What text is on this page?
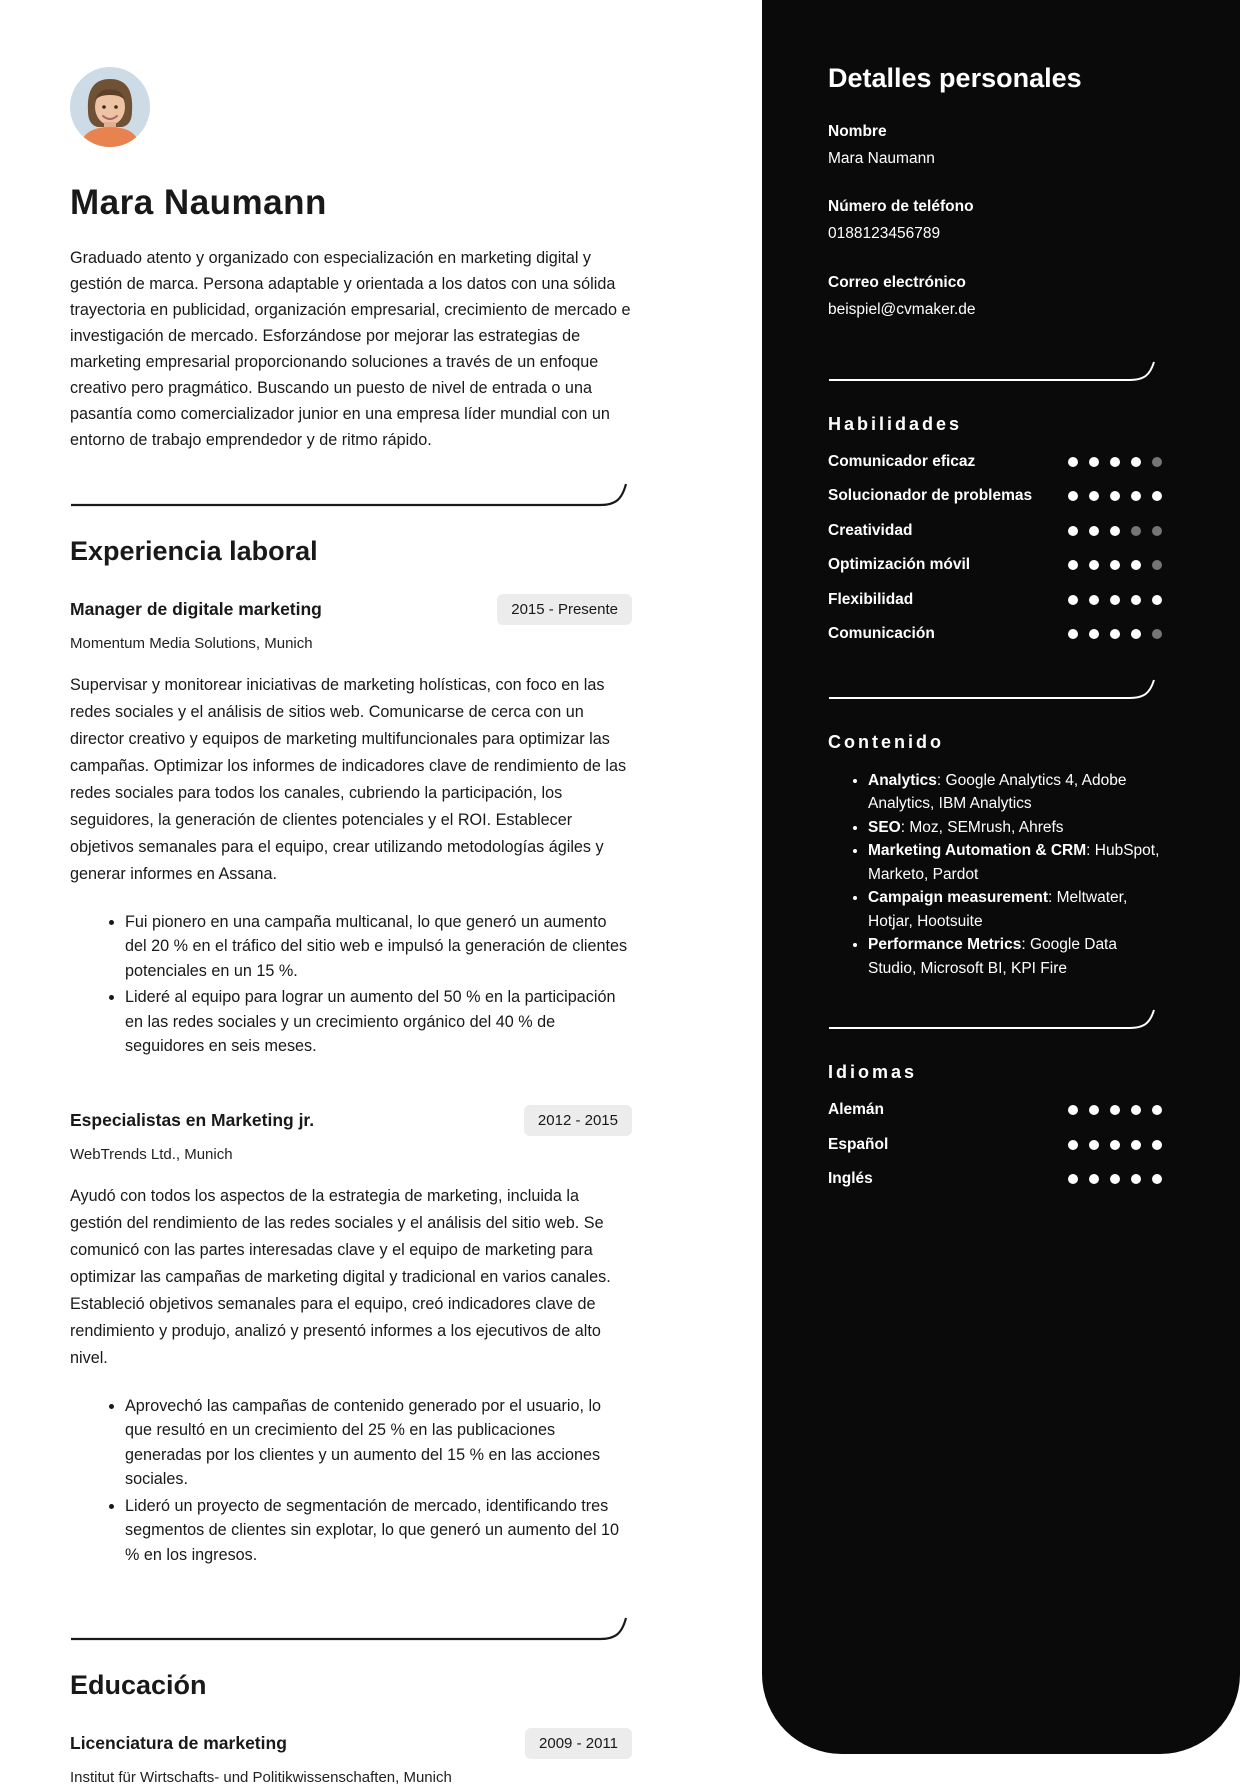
Mara Naumann

Graduado atento y organizado con especialización en marketing digital y gestión de marca. Persona adaptable y orientada a los datos con una sólida trayectoria en publicidad, organización empresarial, crecimiento de mercado e investigación de mercado. Esforzándose por mejorar las estrategias de marketing empresarial proporcionando soluciones a través de un enfoque creativo pero pragmático. Buscando un puesto de nivel de entrada o una pasantía como comercializador junior en una empresa líder mundial con un entorno de trabajo emprendedor y de ritmo rápido.

Experiencia laboral
Manager de digitale marketing	2015 - Presente
Momentum Media Solutions, Munich

Supervisar y monitorear iniciativas de marketing holísticas, con foco en las redes sociales y el análisis de sitios web. Comunicarse de cerca con un director creativo y equipos de marketing multifuncionales para optimizar las campañas. Optimizar los informes de indicadores clave de rendimiento de las redes sociales para todos los canales, cubriendo la participación, los seguidores, la generación de clientes potenciales y el ROI. Establecer objetivos semanales para el equipo, crear utilizando metodologías ágiles y generar informes en Assana.

• Fui pionero en una campaña multicanal, lo que generó un aumento del 20 % en el tráfico del sitio web e impulsó la generación de clientes potenciales en un 15 %.
• Lideré al equipo para lograr un aumento del 50 % en la participación en las redes sociales y un crecimiento orgánico del 40 % de seguidores en seis meses.
Especialistas en Marketing jr.	2012 - 2015
WebTrends Ltd., Munich

Ayudó con todos los aspectos de la estrategia de marketing, incluida la gestión del rendimiento de las redes sociales y el análisis del sitio web. Se comunicó con las partes interesadas clave y el equipo de marketing para optimizar las campañas de marketing digital y tradicional en varios canales. Estableció objetivos semanales para el equipo, creó indicadores clave de rendimiento y produjo, analizó y presentó informes a los ejecutivos de alto nivel.

• Aprovechó las campañas de contenido generado por el usuario, lo que resultó en un crecimiento del 25 % en las publicaciones generadas por los clientes y un aumento del 15 % en las acciones sociales.
• Lideró un proyecto de segmentación de mercado, identificando tres segmentos de clientes sin explotar, lo que generó un aumento del 10 % en los ingresos.
Educación
Licenciatura de marketing	2009 - 2011
Institut für Wirtschafts- und Politikwissenschaften, Munich
Detalles personales
Nombre
Mara Naumann
Número de teléfono
0188123456789
Correo electrónico
beispiel@cvmaker.de
Habilidades
Comunicador eficaz
Solucionador de problemas
Creatividad
Optimización móvil
Flexibilidad
Comunicación
Contenido
• Analytics: Google Analytics 4, Adobe Analytics, IBM Analytics
• SEO: Moz, SEMrush, Ahrefs
• Marketing Automation & CRM: HubSpot, Marketo, Pardot
• Campaign measurement: Meltwater, Hotjar, Hootsuite
• Performance Metrics: Google Data Studio, Microsoft BI, KPI Fire
Idiomas
Alemán
Español
Inglés
